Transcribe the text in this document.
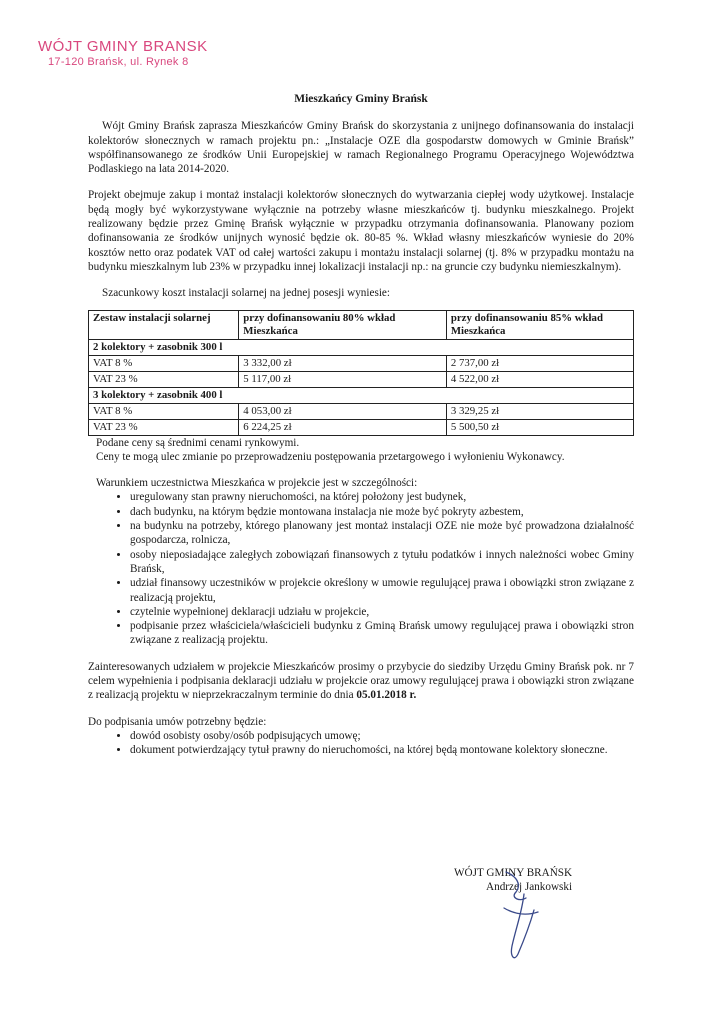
WÓJT GMINY BRANSK
17-120 Brańsk, ul. Rynek 8
Mieszkańcy Gminy Brańsk

Wójt Gminy Brańsk zaprasza Mieszkańców Gminy Brańsk do skorzystania z unijnego dofinansowania do instalacji kolektorów słonecznych w ramach projektu pn.: „Instalacje OZE dla gospodarstw domowych w Gminie Brańsk” współfinansowanego ze środków Unii Europejskiej w ramach Regionalnego Programu Operacyjnego Województwa Podlaskiego na lata 2014-2020.

Projekt obejmuje zakup i montaż instalacji kolektorów słonecznych do wytwarzania ciepłej wody użytkowej. Instalacje będą mogły być wykorzystywane wyłącznie na potrzeby własne mieszkańców tj. budynku mieszkalnego. Projekt realizowany będzie przez Gminę Brańsk wyłącznie w przypadku otrzymania dofinansowania. Planowany poziom dofinansowania ze środków unijnych wynosić będzie ok. 80-85 %. Wkład własny mieszkańców wyniesie do 20% kosztów netto oraz podatek VAT od całej wartości zakupu i montażu instalacji solarnej (tj. 8% w przypadku montażu na budynku mieszkalnym lub 23% w przypadku innej lokalizacji instalacji np.: na gruncie czy budynku niemieszkalnym).

Szacunkowy koszt instalacji solarnej na jednej posesji wyniesie:

Zestaw instalacji solarnej	przy dofinansowaniu 80% wkład Mieszkańca	przy dofinansowaniu 85% wkład Mieszkańca
2 kolektory + zasobnik 300 l		
VAT 8 %	3 332,00 zł	2 737,00 zł
VAT 23 %	5 117,00 zł	4 522,00 zł
3 kolektory + zasobnik 400 l		
VAT 8 %	4 053,00 zł	3 329,25 zł
VAT 23 %	6 224,25 zł	5 500,50 zł

Podane ceny są średnimi cenami rynkowymi.

Ceny te mogą ulec zmianie po przeprowadzeniu postępowania przetargowego i wyłonieniu Wykonawcy.

Warunkiem uczestnictwa Mieszkańca w projekcie jest w szczególności:

• uregulowany stan prawny nieruchomości, na której położony jest budynek,
• dach budynku, na którym będzie montowana instalacja nie może być pokryty azbestem,
• na budynku na potrzeby, którego planowany jest montaż instalacji OZE nie może być prowadzona działalność gospodarcza, rolnicza,
• osoby nieposiadające zaległych zobowiązań finansowych z tytułu podatków i innych należności wobec Gminy Brańsk,
• udział finansowy uczestników w projekcie określony w umowie regulującej prawa i obowiązki stron związane z realizacją projektu,
• czytelnie wypełnionej deklaracji udziału w projekcie,
• podpisanie przez właściciela/właścicieli budynku z Gminą Brańsk umowy regulującej prawa i obowiązki stron związane z realizacją projektu.

Zainteresowanych udziałem w projekcie Mieszkańców prosimy o przybycie do siedziby Urzędu Gminy Brańsk pok. nr 7 celem wypełnienia i podpisania deklaracji udziału w projekcie oraz umowy regulującej prawa i obowiązki stron związane z realizacją projektu w nieprzekraczalnym terminie do dnia 05.01.2018 r.

Do podpisania umów potrzebny będzie:

• dowód osobisty osoby/osób podpisujących umowę;
• dokument potwierdzający tytuł prawny do nieruchomości, na której będą montowane kolektory słoneczne.
WÓJT GMINY BRAŃSK
Andrzej Jankowski
